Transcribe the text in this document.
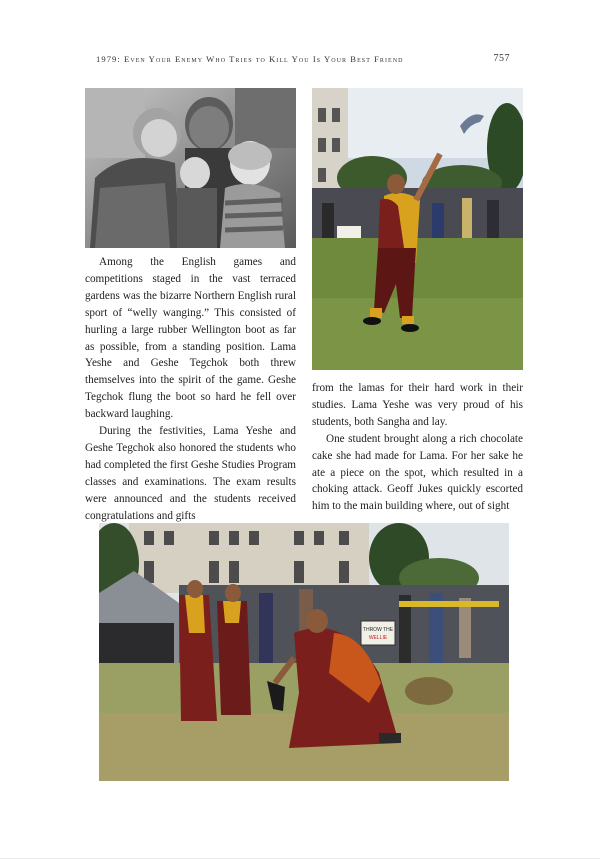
1979: Even Your Enemy Who Tries to Kill You Is Your Best Friend	757

Among the English games and competitions staged in the vast terraced gardens was the bizarre Northern English rural sport of “welly wanging.” This consisted of hurling a large rubber Wellington boot as far as possible, from a standing position. Lama Yeshe and Geshe Tegchok both threw themselves into the spirit of the game. Geshe Tegchok flung the boot so hard he fell over backward laughing.

During the festivities, Lama Yeshe and Geshe Tegchok also honored the students who had completed the first Geshe Studies Program classes and examinations. The exam results were announced and the students received congratulations and gifts

from the lamas for their hard work in their studies. Lama Yeshe was very proud of his students, both Sangha and lay.

One student brought along a rich chocolate cake she had made for Lama. For her sake he ate a piece on the spot, which resulted in a choking attack. Geoff Jukes quickly escorted him to the main building where, out of sight

THROW THE
WELLIE
